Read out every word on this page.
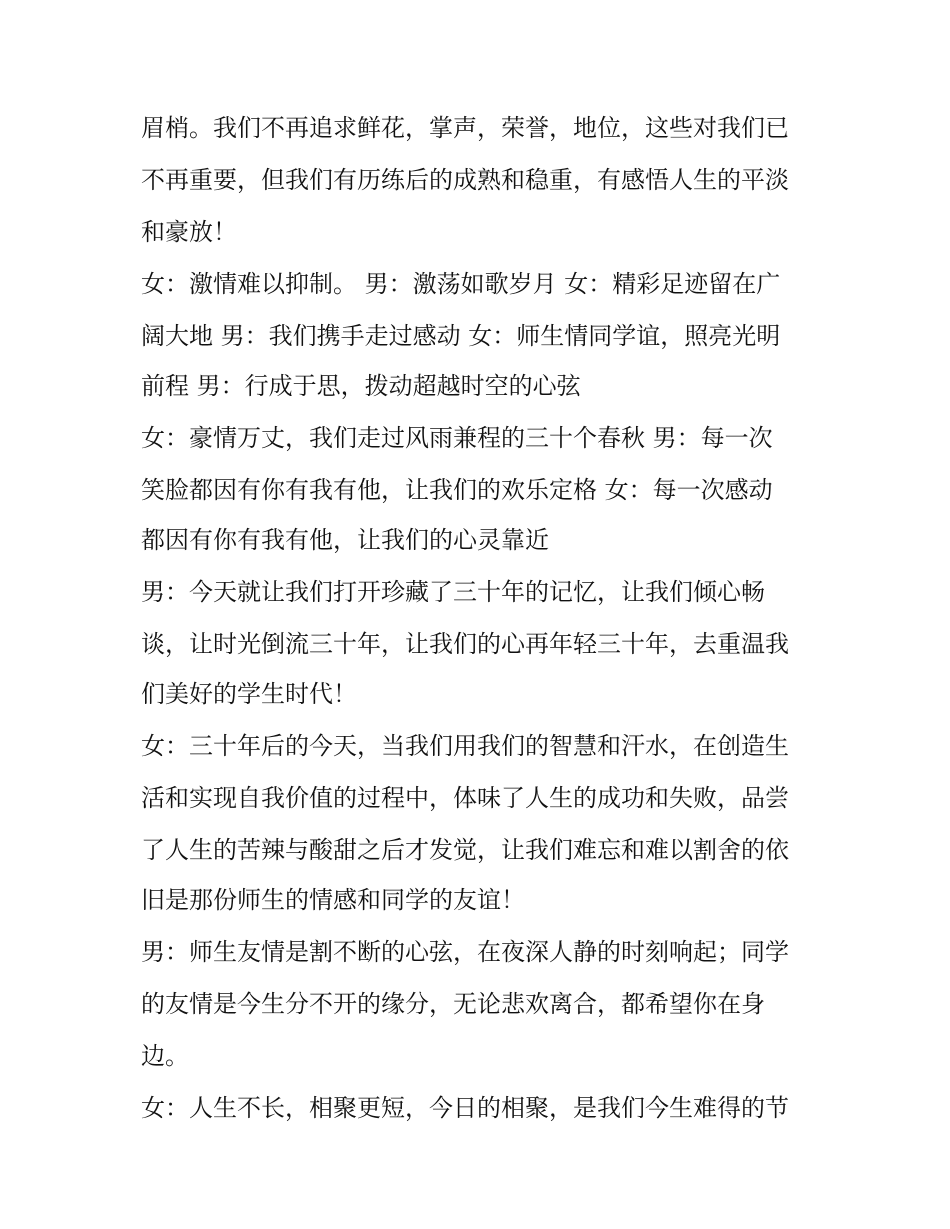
眉梢。我们不再追求鲜花，掌声，荣誉，地位，这些对我们已
不再重要，但我们有历练后的成熟和稳重，有感悟人生的平淡
和豪放！
女：激情难以抑制。 男：激荡如歌岁月 女：精彩足迹留在广
阔大地 男：我们携手走过感动 女：师生情同学谊，照亮光明
前程 男：行成于思，拨动超越时空的心弦
女：豪情万丈，我们走过风雨兼程的三十个春秋 男：每一次
笑脸都因有你有我有他，让我们的欢乐定格 女：每一次感动
都因有你有我有他，让我们的心灵靠近
男：今天就让我们打开珍藏了三十年的记忆，让我们倾心畅
谈，让时光倒流三十年，让我们的心再年轻三十年，去重温我
们美好的学生时代！
女：三十年后的今天，当我们用我们的智慧和汗水，在创造生
活和实现自我价值的过程中，体味了人生的成功和失败，品尝
了人生的苦辣与酸甜之后才发觉，让我们难忘和难以割舍的依
旧是那份师生的情感和同学的友谊！
男：师生友情是割不断的心弦，在夜深人静的时刻响起；同学
的友情是今生分不开的缘分，无论悲欢离合，都希望你在身
边。
女：人生不长，相聚更短，今日的相聚，是我们今生难得的节
